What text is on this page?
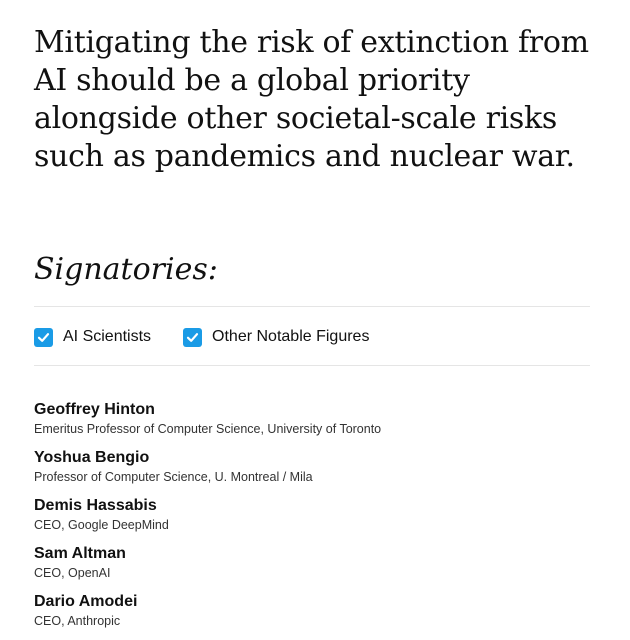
Mitigating the risk of extinction from AI should be a global priority alongside other societal-scale risks such as pandemics and nuclear war.
Signatories:
AI Scientists	Other Notable Figures
Geoffrey Hinton
Emeritus Professor of Computer Science, University of Toronto
Yoshua Bengio
Professor of Computer Science, U. Montreal / Mila
Demis Hassabis
CEO, Google DeepMind
Sam Altman
CEO, OpenAI
Dario Amodei
CEO, Anthropic
